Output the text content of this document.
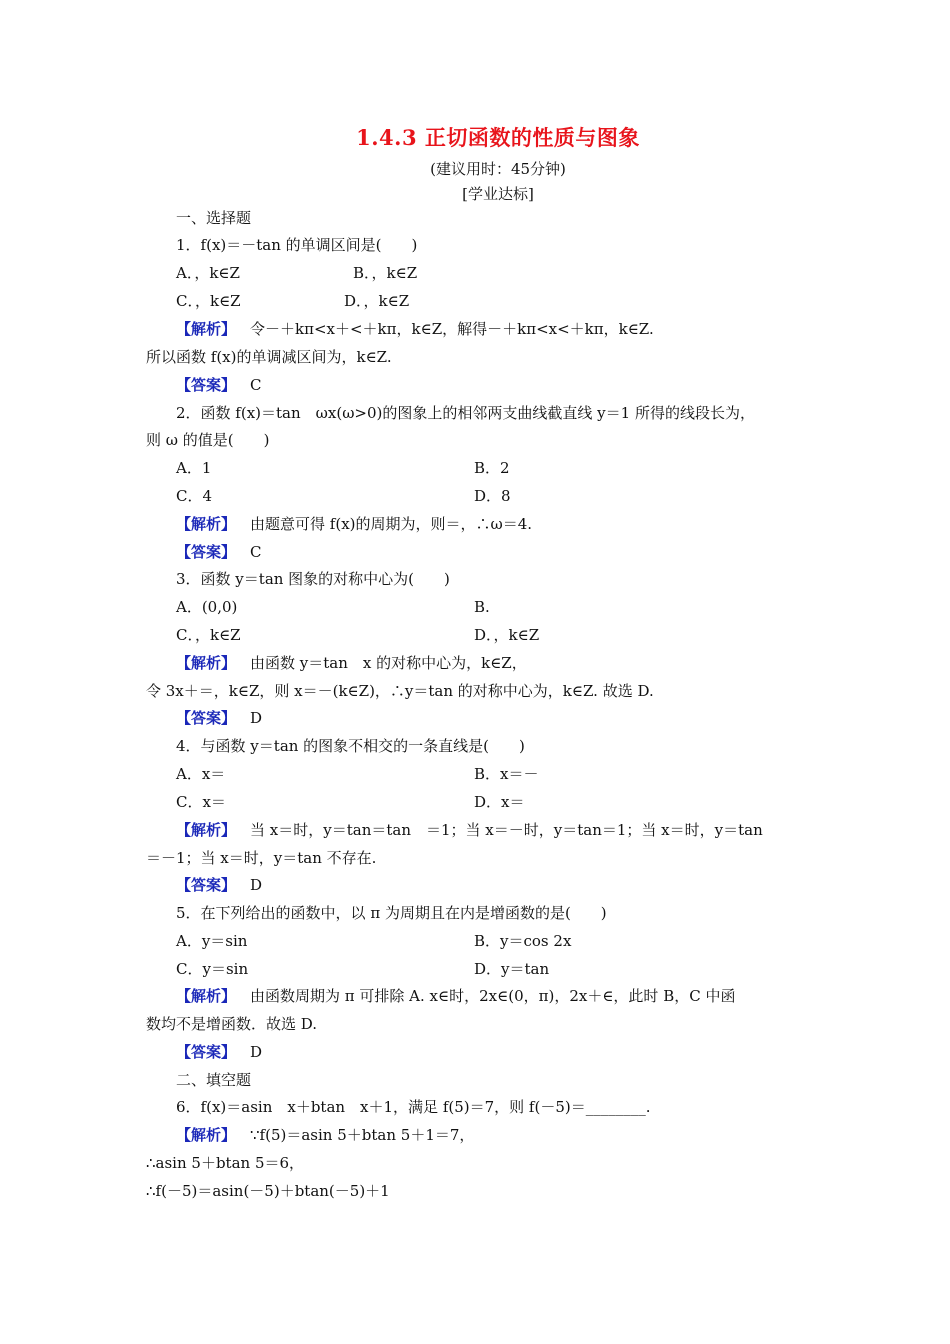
1.4.3 正切函数的性质与图象
(建议用时：45分钟)
[学业达标]
一、选择题
1．f(x)＝－tan 的单调区间是(　　)
A．，k∈Z	B．，k∈Z
C．，k∈Z	D．，k∈Z
【解析】 令－＋kπ<x＋<＋kπ，k∈Z，解得－＋kπ<x<＋kπ，k∈Z.
所以函数 f(x)的单调减区间为，k∈Z.
【答案】 C
2．函数 f(x)＝tan　ωx(ω>0)的图象上的相邻两支曲线截直线 y＝1 所得的线段长为，
则 ω 的值是(　　)
A．1	B．2
C．4	D．8
【解析】 由题意可得 f(x)的周期为，则＝，∴ω＝4.
【答案】 C
3．函数 y＝tan 图象的对称中心为(　　)
A．(0,0)	B.
C．，k∈Z	D．，k∈Z
【解析】 由函数 y＝tan　x 的对称中心为，k∈Z，
令 3x＋＝，k∈Z，则 x＝－(k∈Z)，∴y＝tan 的对称中心为，k∈Z. 故选 D.
【答案】 D
4．与函数 y＝tan 的图象不相交的一条直线是(　　)
A．x＝	B．x＝－
C．x＝	D．x＝
【解析】 当 x＝时，y＝tan＝tan　＝1；当 x＝－时，y＝tan＝1；当 x＝时，y＝tan
＝－1；当 x＝时，y＝tan 不存在.
【答案】 D
5．在下列给出的函数中，以 π 为周期且在内是增函数的是(　　)
A．y＝sin	B．y＝cos 2x
C．y＝sin	D．y＝tan
【解析】 由函数周期为 π 可排除 A. x∈时，2x∈(0，π)，2x＋∈，此时 B，C 中函
数均不是增函数．故选 D.
【答案】 D
二、填空题
6．f(x)＝asin　x＋btan　x＋1，满足 f(5)＝7，则 f(－5)＝________.
【解析】 ∵f(5)＝asin 5＋btan 5＋1＝7，
∴asin 5＋btan 5＝6，
∴f(－5)＝asin(－5)＋btan(－5)＋1
